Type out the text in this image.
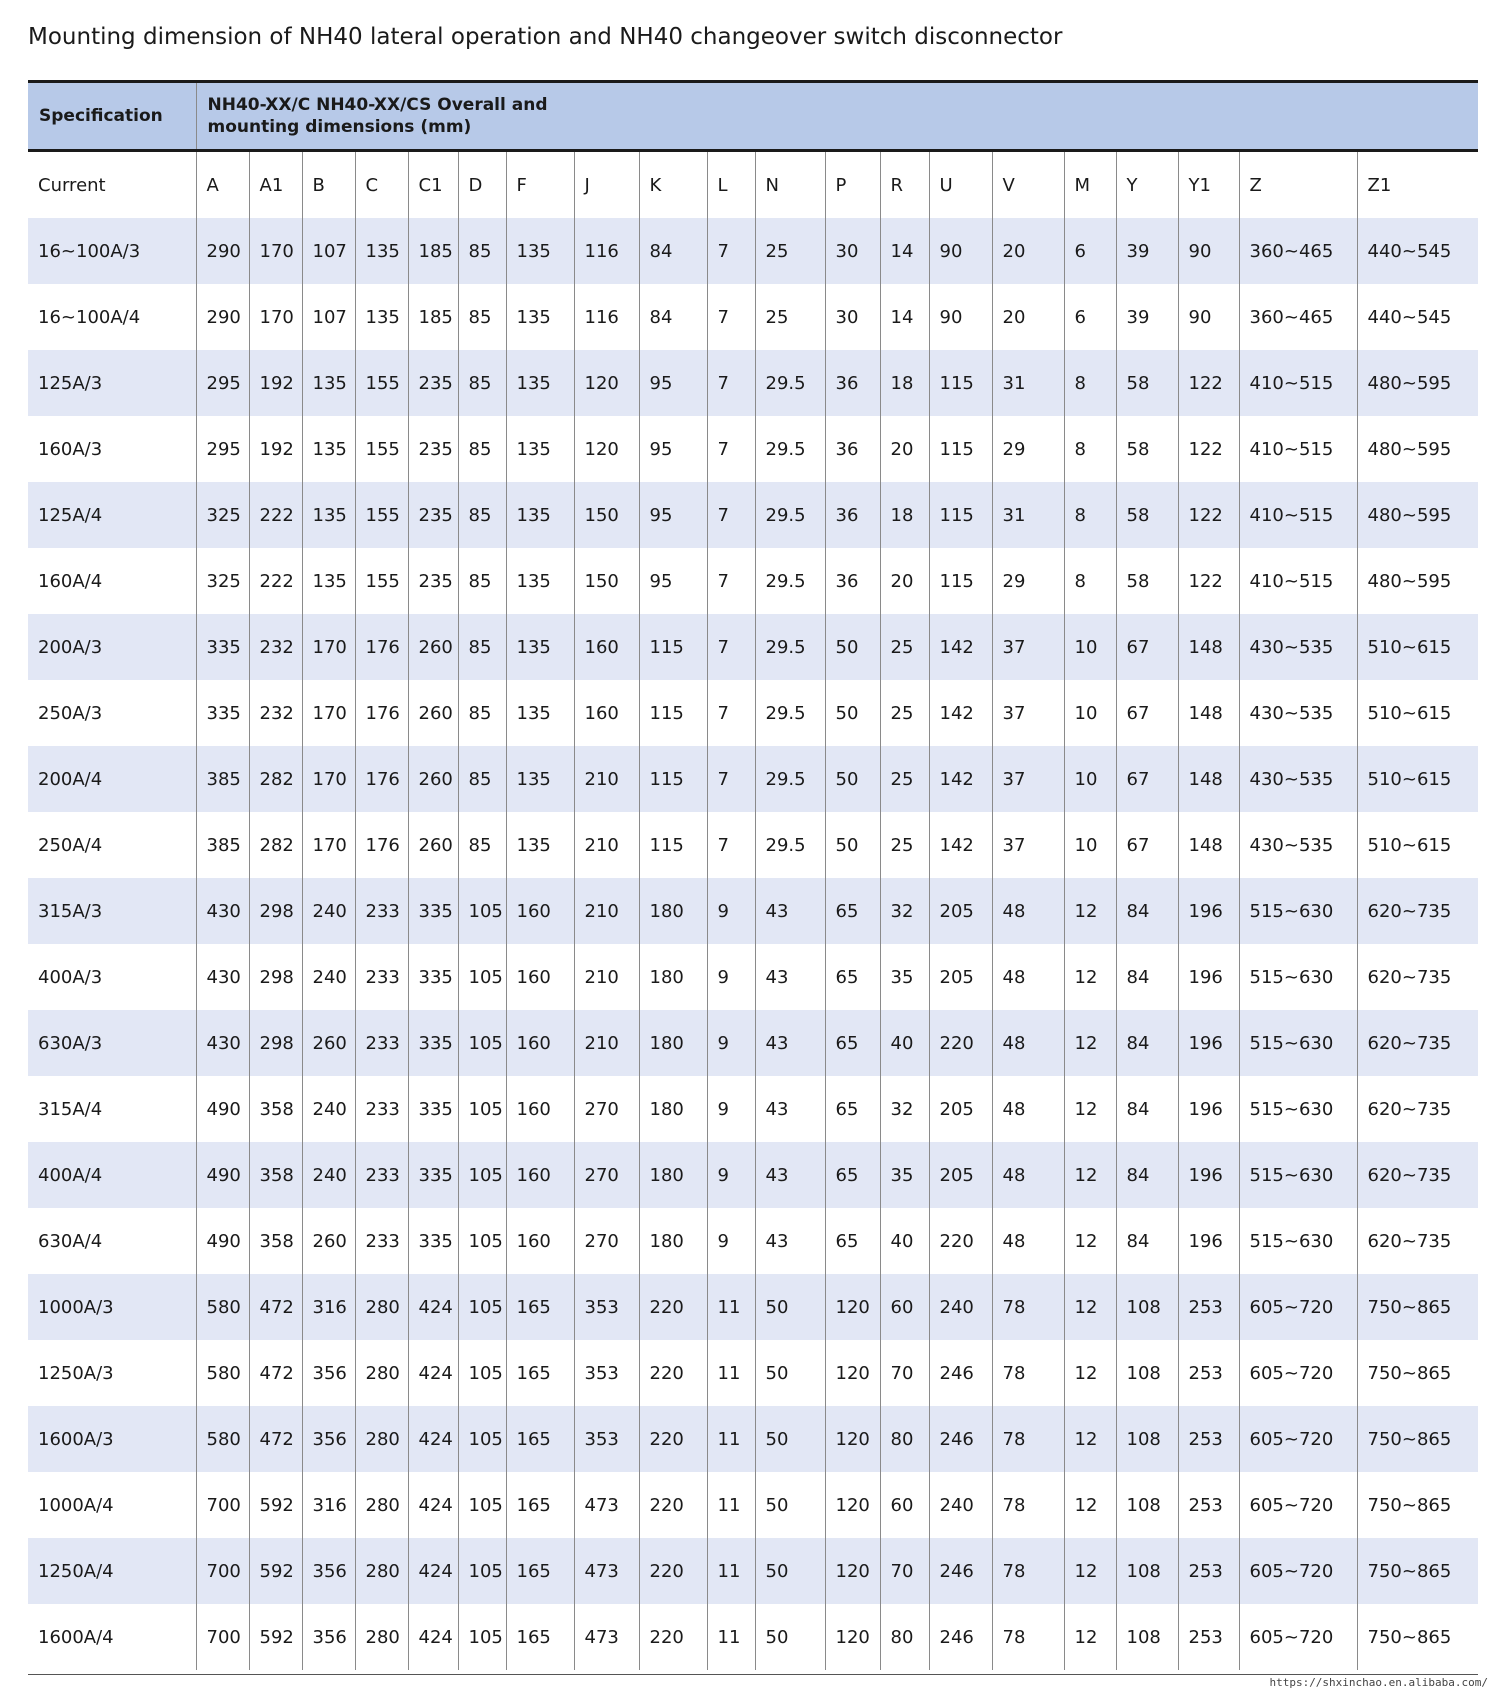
Mounting dimension of NH40 lateral operation and NH40 changeover switch disconnector
Specification	NH40-XX/C NH40-XX/CS Overall and
mounting dimensions (mm)																			
Current	A	A1	B	C	C1	D	F	J	K	L	N	P	R	U	V	M	Y	Y1	Z	Z1
16~100A/3	290	170	107	135	185	85	135	116	84	7	25	30	14	90	20	6	39	90	360~465	440~545
16~100A/4	290	170	107	135	185	85	135	116	84	7	25	30	14	90	20	6	39	90	360~465	440~545
125A/3	295	192	135	155	235	85	135	120	95	7	29.5	36	18	115	31	8	58	122	410~515	480~595
160A/3	295	192	135	155	235	85	135	120	95	7	29.5	36	20	115	29	8	58	122	410~515	480~595
125A/4	325	222	135	155	235	85	135	150	95	7	29.5	36	18	115	31	8	58	122	410~515	480~595
160A/4	325	222	135	155	235	85	135	150	95	7	29.5	36	20	115	29	8	58	122	410~515	480~595
200A/3	335	232	170	176	260	85	135	160	115	7	29.5	50	25	142	37	10	67	148	430~535	510~615
250A/3	335	232	170	176	260	85	135	160	115	7	29.5	50	25	142	37	10	67	148	430~535	510~615
200A/4	385	282	170	176	260	85	135	210	115	7	29.5	50	25	142	37	10	67	148	430~535	510~615
250A/4	385	282	170	176	260	85	135	210	115	7	29.5	50	25	142	37	10	67	148	430~535	510~615
315A/3	430	298	240	233	335	105	160	210	180	9	43	65	32	205	48	12	84	196	515~630	620~735
400A/3	430	298	240	233	335	105	160	210	180	9	43	65	35	205	48	12	84	196	515~630	620~735
630A/3	430	298	260	233	335	105	160	210	180	9	43	65	40	220	48	12	84	196	515~630	620~735
315A/4	490	358	240	233	335	105	160	270	180	9	43	65	32	205	48	12	84	196	515~630	620~735
400A/4	490	358	240	233	335	105	160	270	180	9	43	65	35	205	48	12	84	196	515~630	620~735
630A/4	490	358	260	233	335	105	160	270	180	9	43	65	40	220	48	12	84	196	515~630	620~735
1000A/3	580	472	316	280	424	105	165	353	220	11	50	120	60	240	78	12	108	253	605~720	750~865
1250A/3	580	472	356	280	424	105	165	353	220	11	50	120	70	246	78	12	108	253	605~720	750~865
1600A/3	580	472	356	280	424	105	165	353	220	11	50	120	80	246	78	12	108	253	605~720	750~865
1000A/4	700	592	316	280	424	105	165	473	220	11	50	120	60	240	78	12	108	253	605~720	750~865
1250A/4	700	592	356	280	424	105	165	473	220	11	50	120	70	246	78	12	108	253	605~720	750~865
1600A/4	700	592	356	280	424	105	165	473	220	11	50	120	80	246	78	12	108	253	605~720	750~865
https://shxinchao.en.alibaba.com/
